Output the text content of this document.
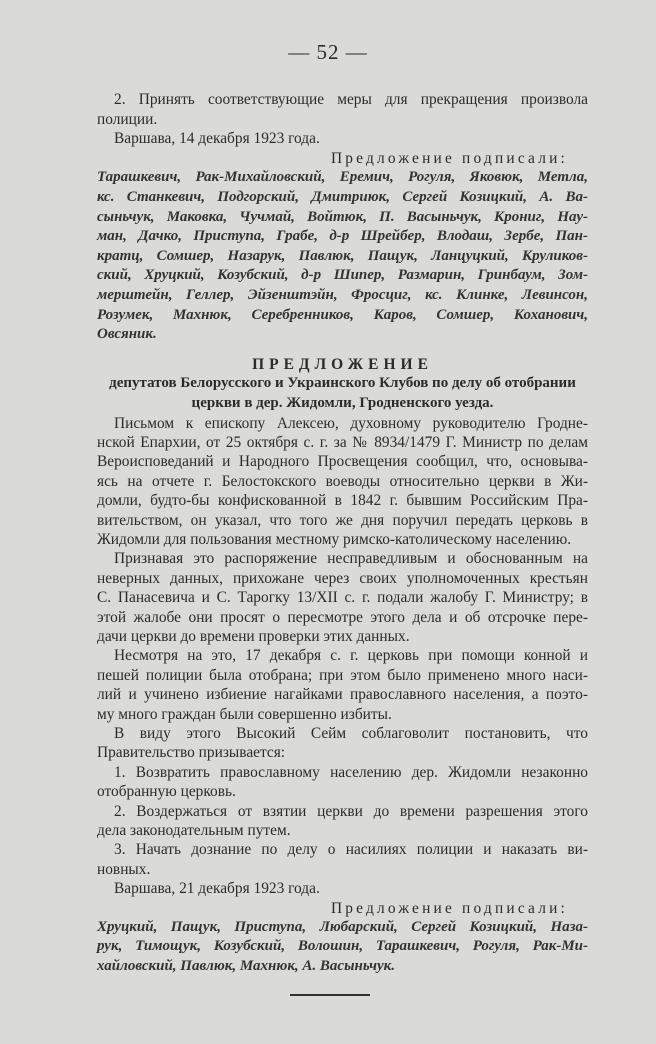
— 52 —
2. Принять соответствующие меры для прекращения произвола
полиции.
Варшава, 14 декабря 1923 года.
Предложение подписали:
Тарашкевич, Рак-Михайловский, Еремич, Рогуля, Яковюк, Метла,
кс. Станкевич, Подгорский, Дмитриюк, Сергей Козицкий, А. Ва-
сыньчук, Маковка, Чучмай, Войтюк, П. Васыньчук, Крониг, Нау-
ман, Дачко, Приступа, Грабе, д-р Шрейбер, Влодаш, Зербе, Пан-
кратц, Сомшер, Назарук, Павлюк, Пащук, Ланцуцкий, Круликов-
ский, Хруцкий, Козубский, д-р Шипер, Размарин, Гринбаум, Зом-
мерштейн, Геллер, Эйзенштэйн, Фросциг, кс. Клинке, Левинсон,
Розумек, Махнюк, Серебренников, Каров, Сомшер, Коханович,
Овсяник.
ПРЕДЛОЖЕНИЕ
депутатов Белорусского и Украинского Клубов по делу об отобрании
церкви в дер. Жидомли, Гродненского уезда.
Письмом к епископу Алексею, духовному руководителю Гродне-
нской Епархии, от 25 октября с. г. за № 8934/1479 Г. Министр по делам
Вероисповеданий и Народного Просвещения сообщил, что, основыва-
ясь на отчете г. Белостокского воеводы относительно церкви в Жи-
домли, будто-бы конфискованной в 1842 г. бывшим Российским Пра-
вительством, он указал, что того же дня поручил передать церковь в
Жидомли для пользования местному римско-католическому населению.
Признавая это распоряжение несправедливым и обоснованным на
неверных данных, прихожане через своих уполномоченных крестьян
С. Панасевича и С. Тарогку 13/XII с. г. подали жалобу Г. Министру; в
этой жалобе они просят о пересмотре этого дела и об отсрочке пере-
дачи церкви до времени проверки этих данных.
Несмотря на это, 17 декабря с. г. церковь при помощи конной и
пешей полиции была отобрана; при этом было применено много наси-
лий и учинено избиение нагайками православного населения, а поэто-
му много граждан были совершенно избиты.
В виду этого Высокий Сейм соблаговолит постановить, что
Правительство призывается:
1. Возвратить православному населению дер. Жидомли незаконно
отобранную церковь.
2. Воздержаться от взятии церкви до времени разрешения этого
дела законодательным путем.
3. Начать дознание по делу о насилиях полиции и наказать ви-
новных.
Варшава, 21 декабря 1923 года.
Предложение подписали:
Хруцкий, Пащук, Приступа, Любарский, Сергей Козицкий, Наза-
рук, Тимощук, Козубский, Волошин, Тарашкевич, Рогуля, Рак-Ми-
хайловский, Павлюк, Махнюк, А. Васыньчук.
